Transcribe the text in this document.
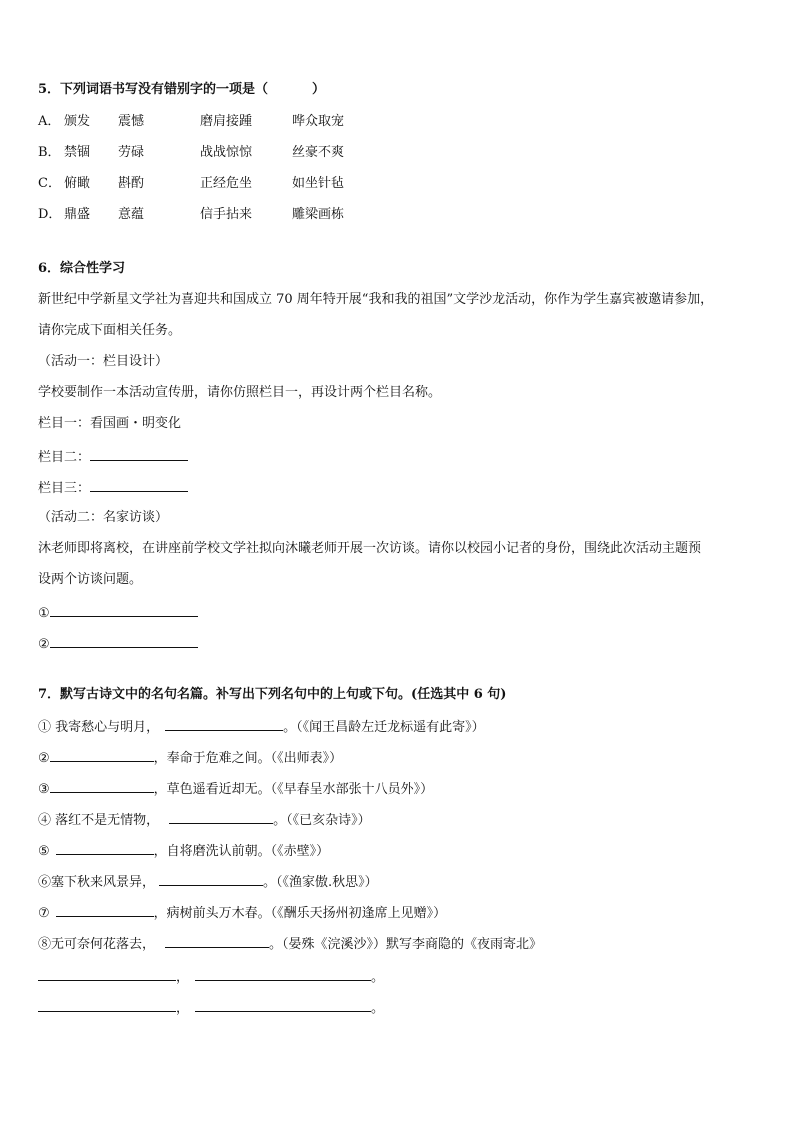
5．下列词语书写没有错别字的一项是（	）
A． 颁发 震憾	磨肩接踵	哗众取宠
B． 禁锢 劳碌	战战惊惊	丝豪不爽
C． 俯瞰 斟酌	正经危坐	如坐针毡
D． 鼎盛 意蕴	信手拈来	雕梁画栋
6．综合性学习
新世纪中学新星文学社为喜迎共和国成立 70 周年特开展“我和我的祖国”文学沙龙活动，你作为学生嘉宾被邀请参加，
请你完成下面相关任务。
（活动一：栏目设计）
学校要制作一本活动宣传册，请你仿照栏目一，再设计两个栏目名称。
栏目一：看国画・明变化
栏目二：
栏目三：
（活动二：名家访谈）
沐老师即将离校，在讲座前学校文学社拟向沐曦老师开展一次访谈。请你以校园小记者的身份，围绕此次活动主题预
设两个访谈问题。
①
②
7．默写古诗文中的名句名篇。补写出下列名句中的上句或下句。(任选其中 6 句)
① 我寄愁心与明月，	。（《闻王昌龄左迁龙标遥有此寄》）
②	，奉命于危难之间。（《出师表》）
③	，草色遥看近却无。（《早春呈水部张十八员外》）
④ 落红不是无情物，	。（《已亥杂诗》）
⑤	，自将磨洗认前朝。（《赤壁》）
⑥塞下秋来风景异，	。（《渔家傲.秋思》）
⑦	，病树前头万木春。（《酬乐天扬州初逢席上见赠》）
⑧无可奈何花落去，	。（晏殊《浣溪沙》）默写李商隐的《夜雨寄北》
，	。
，	。
